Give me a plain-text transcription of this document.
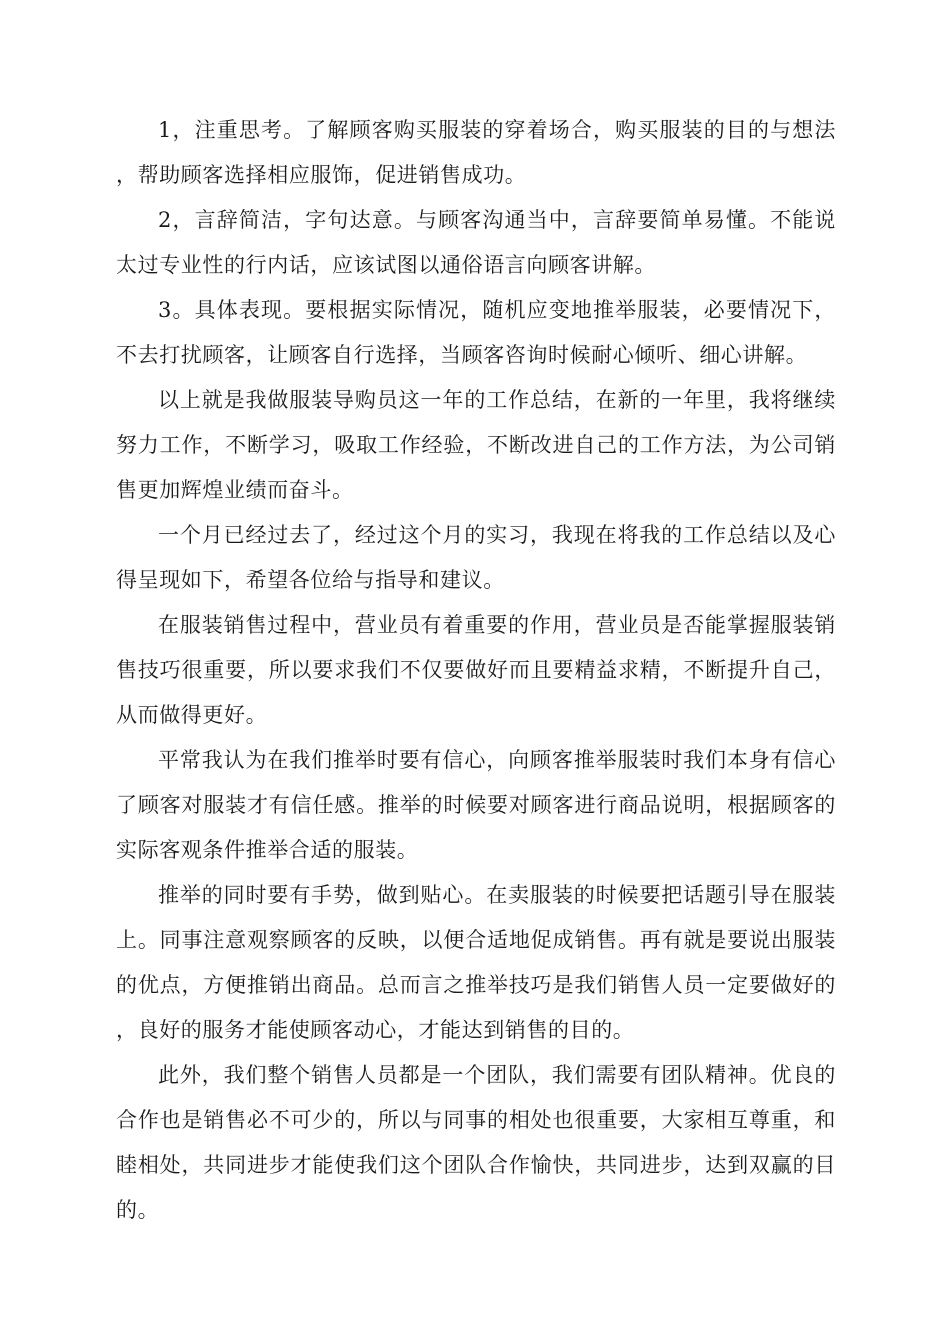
1，注重思考。了解顾客购买服装的穿着场合，购买服装的目的与想法，帮助顾客选择相应服饰，促进销售成功。

2，言辞简洁，字句达意。与顾客沟通当中，言辞要简单易懂。不能说太过专业性的行内话，应该试图以通俗语言向顾客讲解。

3。具体表现。要根据实际情况，随机应变地推举服装，必要情况下，不去打扰顾客，让顾客自行选择，当顾客咨询时候耐心倾听、细心讲解。

以上就是我做服装导购员这一年的工作总结，在新的一年里，我将继续努力工作，不断学习，吸取工作经验，不断改进自己的工作方法，为公司销售更加辉煌业绩而奋斗。

一个月已经过去了，经过这个月的实习，我现在将我的工作总结以及心得呈现如下，希望各位给与指导和建议。

在服装销售过程中，营业员有着重要的作用，营业员是否能掌握服装销售技巧很重要，所以要求我们不仅要做好而且要精益求精，不断提升自己，从而做得更好。

平常我认为在我们推举时要有信心，向顾客推举服装时我们本身有信心了顾客对服装才有信任感。推举的时候要对顾客进行商品说明，根据顾客的实际客观条件推举合适的服装。

推举的同时要有手势，做到贴心。在卖服装的时候要把话题引导在服装上。同事注意观察顾客的反映，以便合适地促成销售。再有就是要说出服装的优点，方便推销出商品。总而言之推举技巧是我们销售人员一定要做好的，良好的服务才能使顾客动心，才能达到销售的目的。

此外，我们整个销售人员都是一个团队，我们需要有团队精神。优良的合作也是销售必不可少的，所以与同事的相处也很重要，大家相互尊重，和睦相处，共同进步才能使我们这个团队合作愉快，共同进步，达到双赢的目的。
